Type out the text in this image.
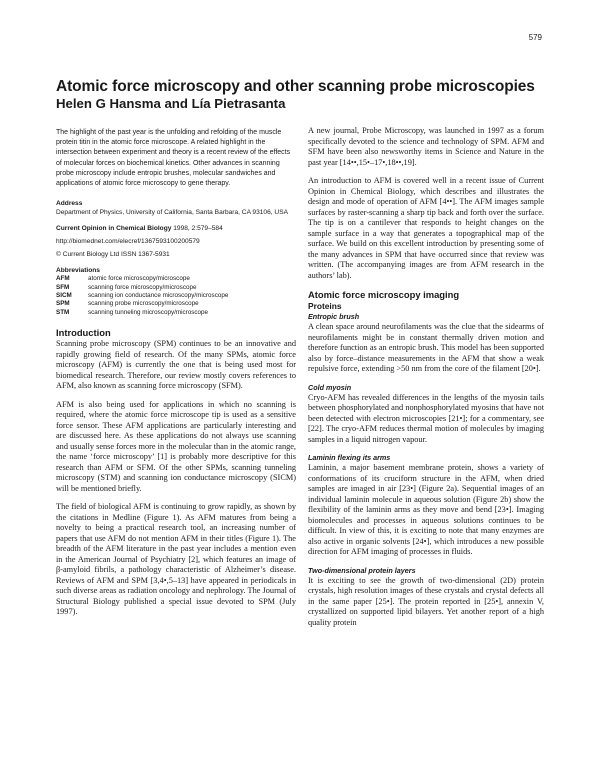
579
Atomic force microscopy and other scanning probe microscopies
Helen G Hansma and Lía Pietrasanta

The highlight of the past year is the unfolding and refolding of the muscle protein titin in the atomic force microscope. A related highlight in the intersection between experiment and theory is a recent review of the effects of molecular forces on biochemical kinetics. Other advances in scanning probe microscopy include entropic brushes, molecular sandwiches and applications of atomic force microscopy to gene therapy.

Address

Department of Physics, University of California, Santa Barbara, CA 93106, USA

Current Opinion in Chemical Biology 1998, 2:579–584

http://biomednet.com/elecref/1367593100200579

© Current Biology Ltd ISSN 1367-5931

Abbreviations

AFM	atomic force microscopy/microscope
SFM	scanning force microscopy/microscope
SICM	scanning ion conductance microscopy/microscope
SPM	scanning probe microscopy/microscope
STM	scanning tunneling microscopy/microscope
Introduction

Scanning probe microscopy (SPM) continues to be an innovative and rapidly growing field of research. Of the many SPMs, atomic force microscopy (AFM) is currently the one that is being used most for biomedical research. Therefore, our review mostly covers references to AFM, also known as scanning force microscopy (SFM).

AFM is also being used for applications in which no scanning is required, where the atomic force microscope tip is used as a sensitive force sensor. These AFM applications are particularly interesting and are discussed here. As these applications do not always use scanning and usually sense forces more in the molecular than in the atomic range, the name ‘force microscopy’ [1] is probably more descriptive for this research than AFM or SFM. Of the other SPMs, scanning tunneling microscopy (STM) and scanning ion conductance microscopy (SICM) will be mentioned briefly.

The field of biological AFM is continuing to grow rapidly, as shown by the citations in Medline (Figure 1). As AFM matures from being a novelty to being a practical research tool, an increasing number of papers that use AFM do not mention AFM in their titles (Figure 1). The breadth of the AFM literature in the past year includes a mention even in the American Journal of Psychiatry [2], which features an image of β-amyloid fibrils, a pathology characteristic of Alzheimer’s disease. Reviews of AFM and SPM [3,4•,5–13] have appeared in periodicals in such diverse areas as radiation oncology and nephrology. The Journal of Structural Biology published a special issue devoted to SPM (July 1997).

A new journal, Probe Microscopy, was launched in 1997 as a forum specifically devoted to the science and technology of SPM. AFM and SFM have been also newsworthy items in Science and Nature in the past year [14••,15•–17•,18••,19].

An introduction to AFM is covered well in a recent issue of Current Opinion in Chemical Biology, which describes and illustrates the design and mode of operation of AFM [4••]. The AFM images sample surfaces by raster-scanning a sharp tip back and forth over the surface. The tip is on a cantilever that responds to height changes on the sample surface in a way that generates a topographical map of the surface. We build on this excellent introduction by presenting some of the many advances in SPM that have occurred since that review was written. (The accompanying images are from AFM research in the authors’ lab).

Atomic force microscopy imaging
Proteins
Entropic brush

A clean space around neurofilaments was the clue that the sidearms of neurofilaments might be in constant thermally driven motion and therefore function as an entropic brush. This model has been supported also by force–distance measurements in the AFM that show a weak repulsive force, extending >50 nm from the core of the filament [20•].

Cold myosin

Cryo-AFM has revealed differences in the lengths of the myosin tails between phosphorylated and nonphosphorylated myosins that have not been detected with electron microscopies [21•]; for a commentary, see [22]. The cryo-AFM reduces thermal motion of molecules by imaging samples in a liquid nitrogen vapour.

Laminin flexing its arms

Laminin, a major basement membrane protein, shows a variety of conformations of its cruciform structure in the AFM, when dried samples are imaged in air [23•] (Figure 2a). Sequential images of an individual laminin molecule in aqueous solution (Figure 2b) show the flexibility of the laminin arms as they move and bend [23•]. Imaging biomolecules and processes in aqueous solutions continues to be difficult. In view of this, it is exciting to note that many enzymes are also active in organic solvents [24•], which introduces a new possible direction for AFM imaging of processes in fluids.

Two-dimensional protein layers

It is exciting to see the growth of two-dimensional (2D) protein crystals, high resolution images of these crystals and crystal defects all in the same paper [25•]. The protein reported in [25•], annexin V, crystallized on supported lipid bilayers. Yet another report of a high quality protein
